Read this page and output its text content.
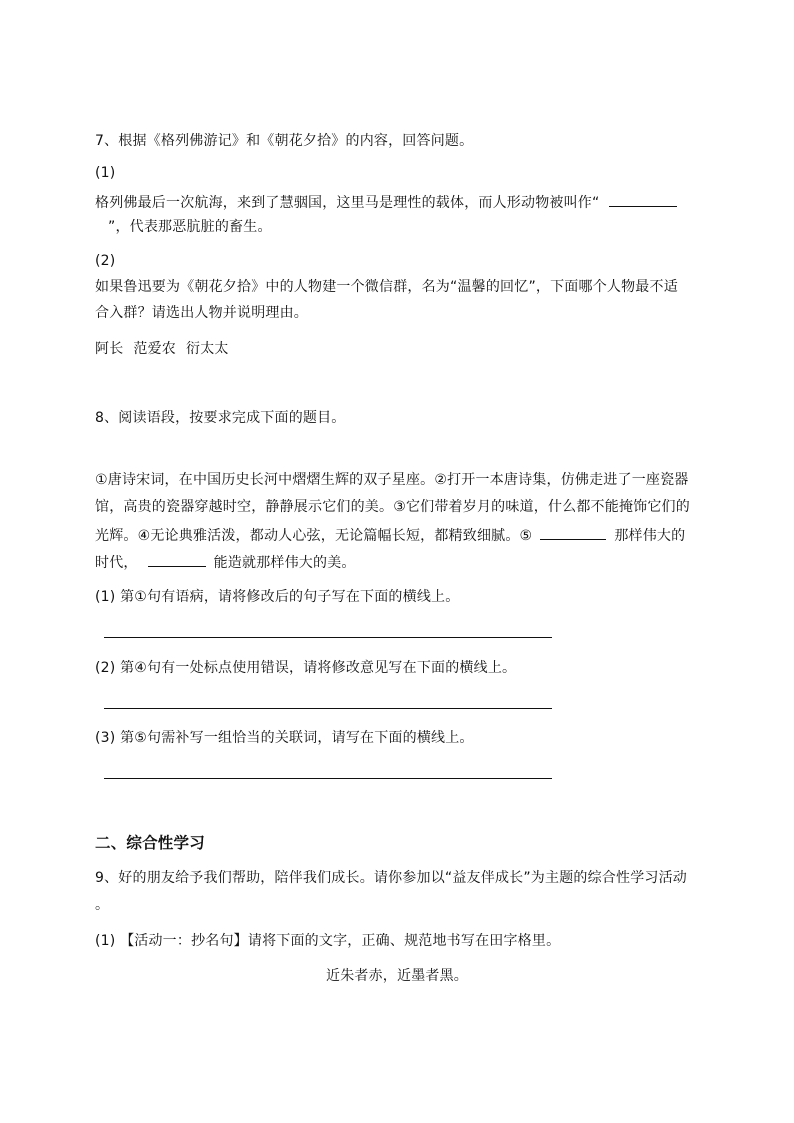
7、根据《格列佛游记》和《朝花夕拾》的内容，回答问题。
(1)
格列佛最后一次航海，来到了慧骃国，这里马是理性的载体，而人形动物被叫作“
”，代表那恶肮脏的畜生。
(2)
如果鲁迅要为《朝花夕拾》中的人物建一个微信群，名为“温馨的回忆”，下面哪个人物最不适
合入群？请选出人物并说明理由。
阿长 范爱农 衍太太
8、阅读语段，按要求完成下面的题目。
①唐诗宋词，在中国历史长河中熠熠生辉的双子星座。②打开一本唐诗集，仿佛走进了一座瓷器
馆，高贵的瓷器穿越时空，静静展示它们的美。③它们带着岁月的味道，什么都不能掩饰它们的
光辉。④无论典雅活泼，都动人心弦，无论篇幅长短，都精致细腻。⑤	那样伟大的
时代，	能造就那样伟大的美。
(1) 第①句有语病，请将修改后的句子写在下面的横线上。
(2) 第④句有一处标点使用错误，请将修改意见写在下面的横线上。
(3) 第⑤句需补写一组恰当的关联词，请写在下面的横线上。
二、综合性学习
9、好的朋友给予我们帮助，陪伴我们成长。请你参加以“益友伴成长”为主题的综合性学习活动
。
(1) 【活动一：抄名句】请将下面的文字，正确、规范地书写在田字格里。
近朱者赤，近墨者黑。
